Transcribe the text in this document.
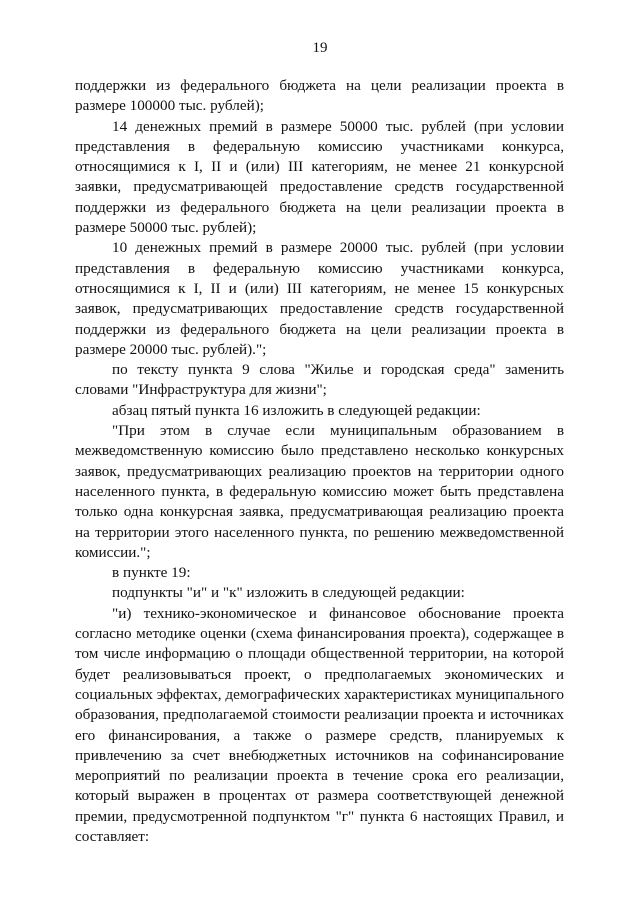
19

поддержки из федерального бюджета на цели реализации проекта в размере 100000 тыс. рублей);

14 денежных премий в размере 50000 тыс. рублей (при условии представления в федеральную комиссию участниками конкурса, относящимися к I, II и (или) III категориям, не менее 21 конкурсной заявки, предусматривающей предоставление средств государственной поддержки из федерального бюджета на цели реализации проекта в размере 50000 тыс. рублей);

10 денежных премий в размере 20000 тыс. рублей (при условии представления в федеральную комиссию участниками конкурса, относящимися к I, II и (или) III категориям, не менее 15 конкурсных заявок, предусматривающих предоставление средств государственной поддержки из федерального бюджета на цели реализации проекта в размере 20000 тыс. рублей).";

по тексту пункта 9 слова "Жилье и городская среда" заменить словами "Инфраструктура для жизни";

абзац пятый пункта 16 изложить в следующей редакции:

"При этом в случае если муниципальным образованием в межведомственную комиссию было представлено несколько конкурсных заявок, предусматривающих реализацию проектов на территории одного населенного пункта, в федеральную комиссию может быть представлена только одна конкурсная заявка, предусматривающая реализацию проекта на территории этого населенного пункта, по решению межведомственной комиссии.";

в пункте 19:

подпункты "и" и "к" изложить в следующей редакции:

"и) технико-экономическое и финансовое обоснование проекта согласно методике оценки (схема финансирования проекта), содержащее в том числе информацию о площади общественной территории, на которой будет реализовываться проект, о предполагаемых экономических и социальных эффектах, демографических характеристиках муниципального образования, предполагаемой стоимости реализации проекта и источниках его финансирования, а также о размере средств, планируемых к привлечению за счет внебюджетных источников на софинансирование мероприятий по реализации проекта в течение срока его реализации, который выражен в процентах от размера соответствующей денежной премии, предусмотренной подпунктом "г" пункта 6 настоящих Правил, и составляет:
